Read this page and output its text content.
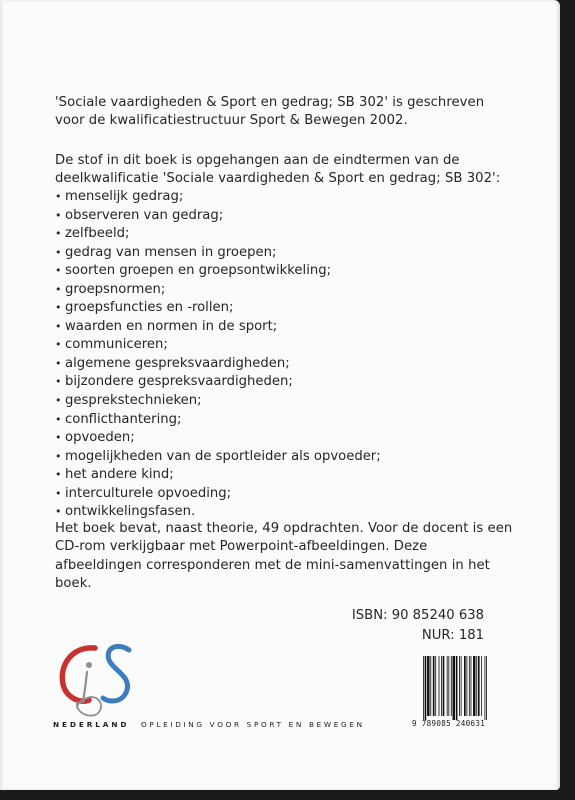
'Sociale vaardigheden & Sport en gedrag; SB 302' is geschreven voor de kwalificatiestructuur Sport & Bewegen 2002.
De stof in dit boek is opgehangen aan de eindtermen van de deelkwalificatie 'Sociale vaardigheden & Sport en gedrag; SB 302':
• menselijk gedrag;
• observeren van gedrag;
• zelfbeeld;
• gedrag van mensen in groepen;
• soorten groepen en groepsontwikkeling;
• groepsnormen;
• groepsfuncties en -rollen;
• waarden en normen in de sport;
• communiceren;
• algemene gespreksvaardigheden;
• bijzondere gespreksvaardigheden;
• gesprekstechnieken;
• conflicthantering;
• opvoeden;
• mogelijkheden van de sportleider als opvoeder;
• het andere kind;
• interculturele opvoeding;
• ontwikkelingsfasen.
Het boek bevat, naast theorie, 49 opdrachten. Voor de docent is een CD-rom verkijgbaar met Powerpoint-afbeeldingen. Deze afbeeldingen corresponderen met de mini-samenvattingen in het boek.
ISBN: 90 85240 638
NUR: 181
NEDERLAND OPLEIDING VOOR SPORT EN BEWEGEN	9 789085 240631
